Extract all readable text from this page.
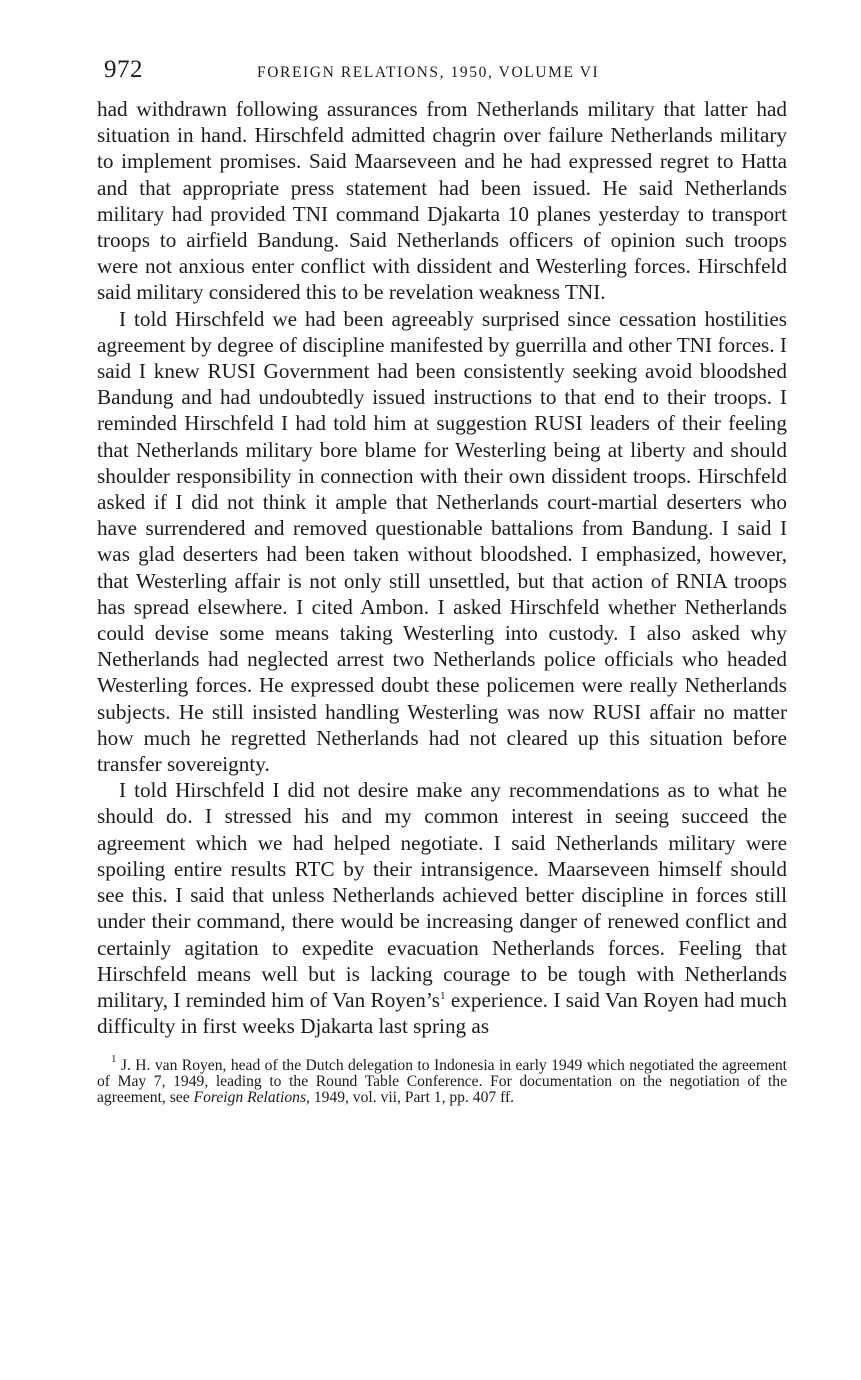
972	FOREIGN RELATIONS, 1950, VOLUME VI

had withdrawn following assurances from Netherlands military that latter had situation in hand. Hirschfeld admitted chagrin over failure Netherlands military to implement promises. Said Maarseveen and he had expressed regret to Hatta and that appropriate press statement had been issued. He said Netherlands military had provided TNI command Djakarta 10 planes yesterday to transport troops to airfield Bandung. Said Netherlands officers of opinion such troops were not anxious enter conflict with dissident and Westerling forces. Hirschfeld said military considered this to be revelation weakness TNI.

I told Hirschfeld we had been agreeably surprised since cessation hostilities agreement by degree of discipline manifested by guerrilla and other TNI forces. I said I knew RUSI Government had been consistently seeking avoid bloodshed Bandung and had undoubtedly issued instructions to that end to their troops. I reminded Hirschfeld I had told him at suggestion RUSI leaders of their feeling that Netherlands military bore blame for Westerling being at liberty and should shoulder responsibility in connection with their own dissident troops. Hirschfeld asked if I did not think it ample that Netherlands court-martial deserters who have surrendered and removed questionable battalions from Bandung. I said I was glad deserters had been taken without bloodshed. I emphasized, however, that Westerling affair is not only still unsettled, but that action of RNIA troops has spread elsewhere. I cited Ambon. I asked Hirschfeld whether Netherlands could devise some means taking Westerling into custody. I also asked why Netherlands had neglected arrest two Netherlands police officials who headed Westerling forces. He expressed doubt these policemen were really Netherlands subjects. He still insisted handling Westerling was now RUSI affair no matter how much he regretted Netherlands had not cleared up this situation before transfer sovereignty.

I told Hirschfeld I did not desire make any recommendations as to what he should do. I stressed his and my common interest in seeing succeed the agreement which we had helped negotiate. I said Netherlands military were spoiling entire results RTC by their intransigence. Maarseveen himself should see this. I said that unless Netherlands achieved better discipline in forces still under their command, there would be increasing danger of renewed conflict and certainly agitation to expedite evacuation Netherlands forces. Feeling that Hirschfeld means well but is lacking courage to be tough with Netherlands military, I reminded him of Van $Royen’s^1$ experience. I said Van Royen had much difficulty in first weeks Djakarta last spring as

$^1$ J. H. van Royen, head of the Dutch delegation to Indonesia in early 1949 which negotiated the agreement of May 7, 1949, leading to the Round Table Conference. For documentation on the negotiation of the agreement, see Foreign Relations, 1949, vol. vii, Part 1, pp. 407 ff.
